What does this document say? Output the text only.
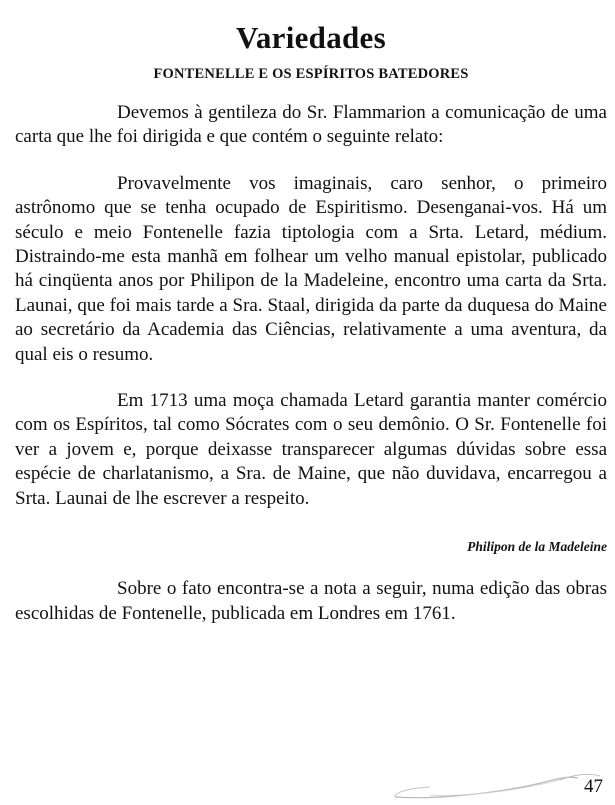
Variedades
FONTENELLE E OS ESPÍRITOS BATEDORES

Devemos à gentileza do Sr. Flammarion a comunicação de uma carta que lhe foi dirigida e que contém o seguinte relato:

Provavelmente vos imaginais, caro senhor, o primeiro astrônomo que se tenha ocupado de Espiritismo. Desenganai-vos. Há um século e meio Fontenelle fazia tiptologia com a Srta. Letard, médium. Distraindo-me esta manhã em folhear um velho manual epistolar, publicado há cinqüenta anos por Philipon de la Madeleine, encontro uma carta da Srta. Launai, que foi mais tarde a Sra. Staal, dirigida da parte da duquesa do Maine ao secretário da Academia das Ciências, relativamente a uma aventura, da qual eis o resumo.

Em 1713 uma moça chamada Letard garantia manter comércio com os Espíritos, tal como Sócrates com o seu demônio. O Sr. Fontenelle foi ver a jovem e, porque deixasse transparecer algumas dúvidas sobre essa espécie de charlatanismo, a Sra. de Maine, que não duvidava, encarregou a Srta. Launai de lhe escrever a respeito.

Philipon de la Madeleine

Sobre o fato encontra-se a nota a seguir, numa edição das obras escolhidas de Fontenelle, publicada em Londres em 1761.

47
